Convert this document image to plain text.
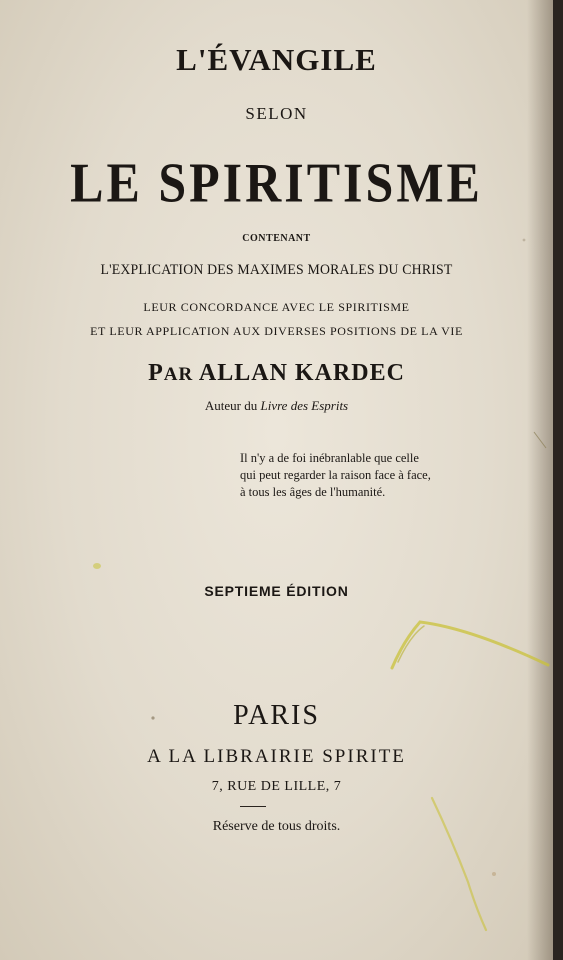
L'ÉVANGILE

SELON

LE SPIRITISME

CONTENANT

L'EXPLICATION DES MAXIMES MORALES DU CHRIST

LEUR CONCORDANCE AVEC LE SPIRITISME

ET LEUR APPLICATION AUX DIVERSES POSITIONS DE LA VIE

PAR ALLAN KARDEC

Auteur du Livre des Esprits

Il n'y a de foi inébranlable que celle
qui peut regarder la raison face à face,
à tous les âges de l'humanité.

SEPTIEME ÉDITION

PARIS

A LA LIBRAIRIE SPIRITE

7, RUE DE LILLE, 7

Réserve de tous droits.
